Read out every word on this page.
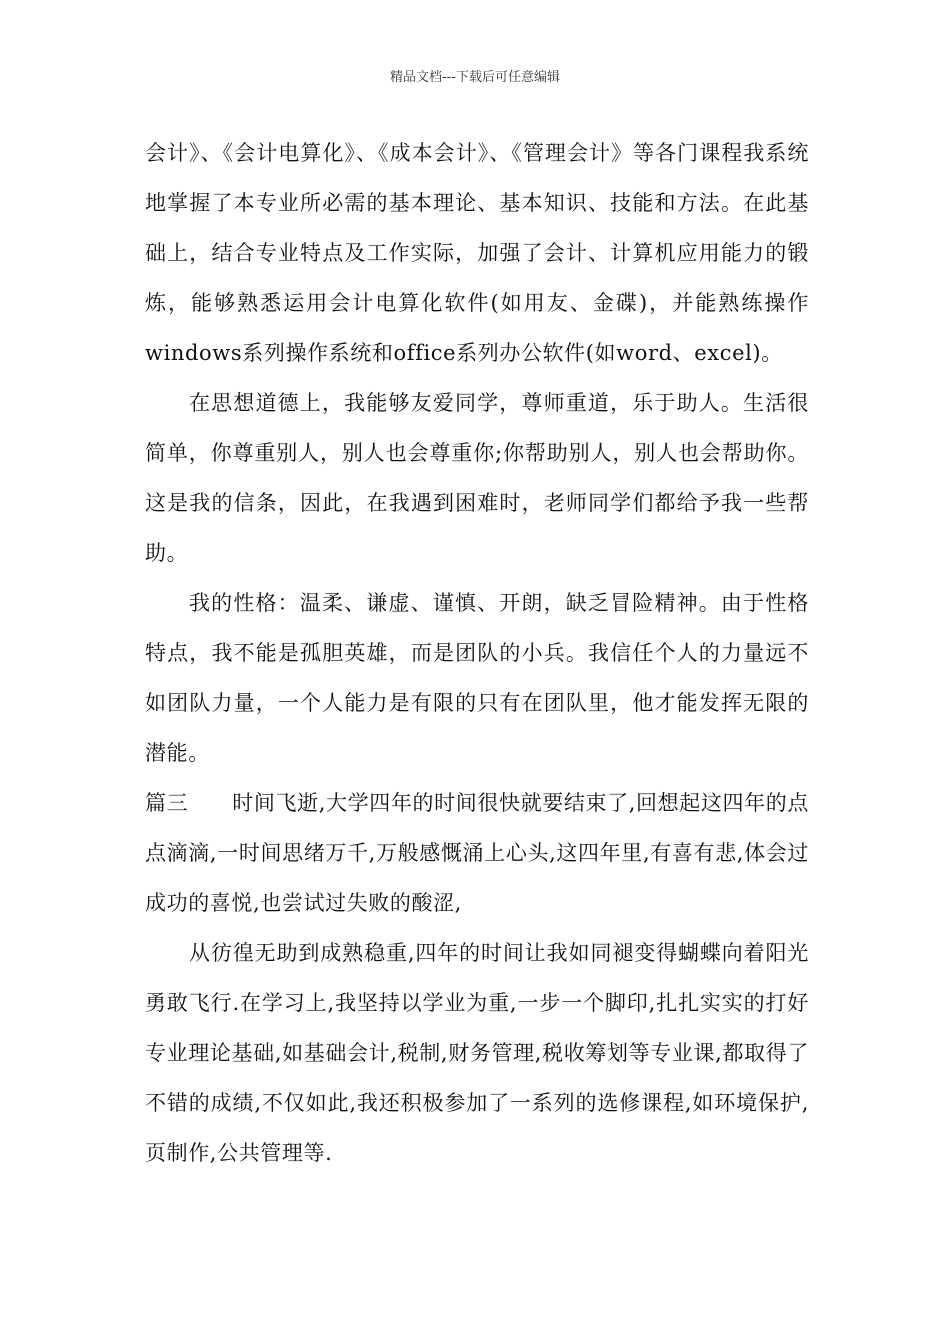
精品文档---下载后可任意编辑

会计》、《会计电算化》、《成本会计》、《管理会计》等各门课程我系统地掌握了本专业所必需的基本理论、基本知识、技能和方法。在此基础上，结合专业特点及工作实际，加强了会计、计算机应用能力的锻炼，能够熟悉运用会计电算化软件(如用友、金碟)，并能熟练操作windows系列操作系统和office系列办公软件(如word、excel)。

在思想道德上，我能够友爱同学，尊师重道，乐于助人。生活很简单，你尊重别人，别人也会尊重你;你帮助别人，别人也会帮助你。这是我的信条，因此，在我遇到困难时，老师同学们都给予我一些帮助。

我的性格：温柔、谦虚、谨慎、开朗，缺乏冒险精神。由于性格特点，我不能是孤胆英雄，而是团队的小兵。我信任个人的力量远不如团队力量，一个人能力是有限的只有在团队里，他才能发挥无限的潜能。

篇三 时间飞逝,大学四年的时间很快就要结束了,回想起这四年的点点滴滴,一时间思绪万千,万般感慨涌上心头,这四年里,有喜有悲,体会过成功的喜悦,也尝试过失败的酸涩,

从彷徨无助到成熟稳重,四年的时间让我如同褪变得蝴蝶向着阳光勇敢飞行.在学习上,我坚持以学业为重,一步一个脚印,扎扎实实的打好专业理论基础,如基础会计,税制,财务管理,税收筹划等专业课,都取得了不错的成绩,不仅如此,我还积极参加了一系列的选修课程,如环境保护,页制作,公共管理等.
